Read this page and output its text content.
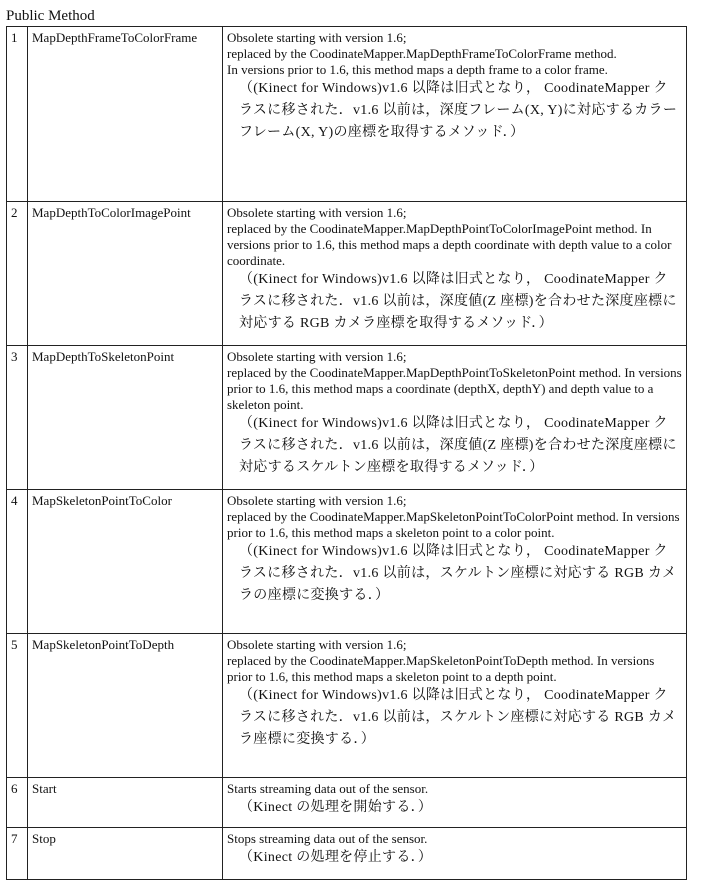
Public Method
1	MapDepthFrameToColorFrame	Obsolete starting with version 1.6;
replaced by the CoodinateMapper.MapDepthFrameToColorFrame method.
In versions prior to 1.6, this method maps a depth frame to a color frame.
（(Kinect for Windows)v1.6 以降は旧式となり， CoodinateMapper クラスに移された．v1.6 以前は，深度フレーム(X, Y)に対応するカラーフレーム(X, Y)の座標を取得するメソッド．）

2	MapDepthToColorImagePoint	Obsolete starting with version 1.6;
replaced by the CoodinateMapper.MapDepthPointToColorImagePoint method. In versions prior to 1.6, this method maps a depth coordinate with depth value to a color coordinate.
（(Kinect for Windows)v1.6 以降は旧式となり， CoodinateMapper クラスに移された．v1.6 以前は，深度値(Z 座標)を合わせた深度座標に対応する RGB カメラ座標を取得するメソッド．）

3	MapDepthToSkeletonPoint	Obsolete starting with version 1.6;
replaced by the CoodinateMapper.MapDepthPointToSkeletonPoint method. In versions prior to 1.6, this method maps a coordinate (depthX, depthY) and depth value to a skeleton point.
（(Kinect for Windows)v1.6 以降は旧式となり， CoodinateMapper クラスに移された．v1.6 以前は，深度値(Z 座標)を合わせた深度座標に対応するスケルトン座標を取得するメソッド．）

4	MapSkeletonPointToColor	Obsolete starting with version 1.6;
replaced by the CoodinateMapper.MapSkeletonPointToColorPoint method. In versions prior to 1.6, this method maps a skeleton point to a color point.
（(Kinect for Windows)v1.6 以降は旧式となり， CoodinateMapper クラスに移された．v1.6 以前は，スケルトン座標に対応する RGB カメラの座標に変換する．）

5	MapSkeletonPointToDepth	Obsolete starting with version 1.6;
replaced by the CoodinateMapper.MapSkeletonPointToDepth method. In versions prior to 1.6, this method maps a skeleton point to a depth point.
（(Kinect for Windows)v1.6 以降は旧式となり， CoodinateMapper クラスに移された．v1.6 以前は，スケルトン座標に対応する RGB カメラ座標に変換する．）

6	Start	Starts streaming data out of the sensor.
（Kinect の処理を開始する．）

7	Stop	Stops streaming data out of the sensor.
（Kinect の処理を停止する．）
